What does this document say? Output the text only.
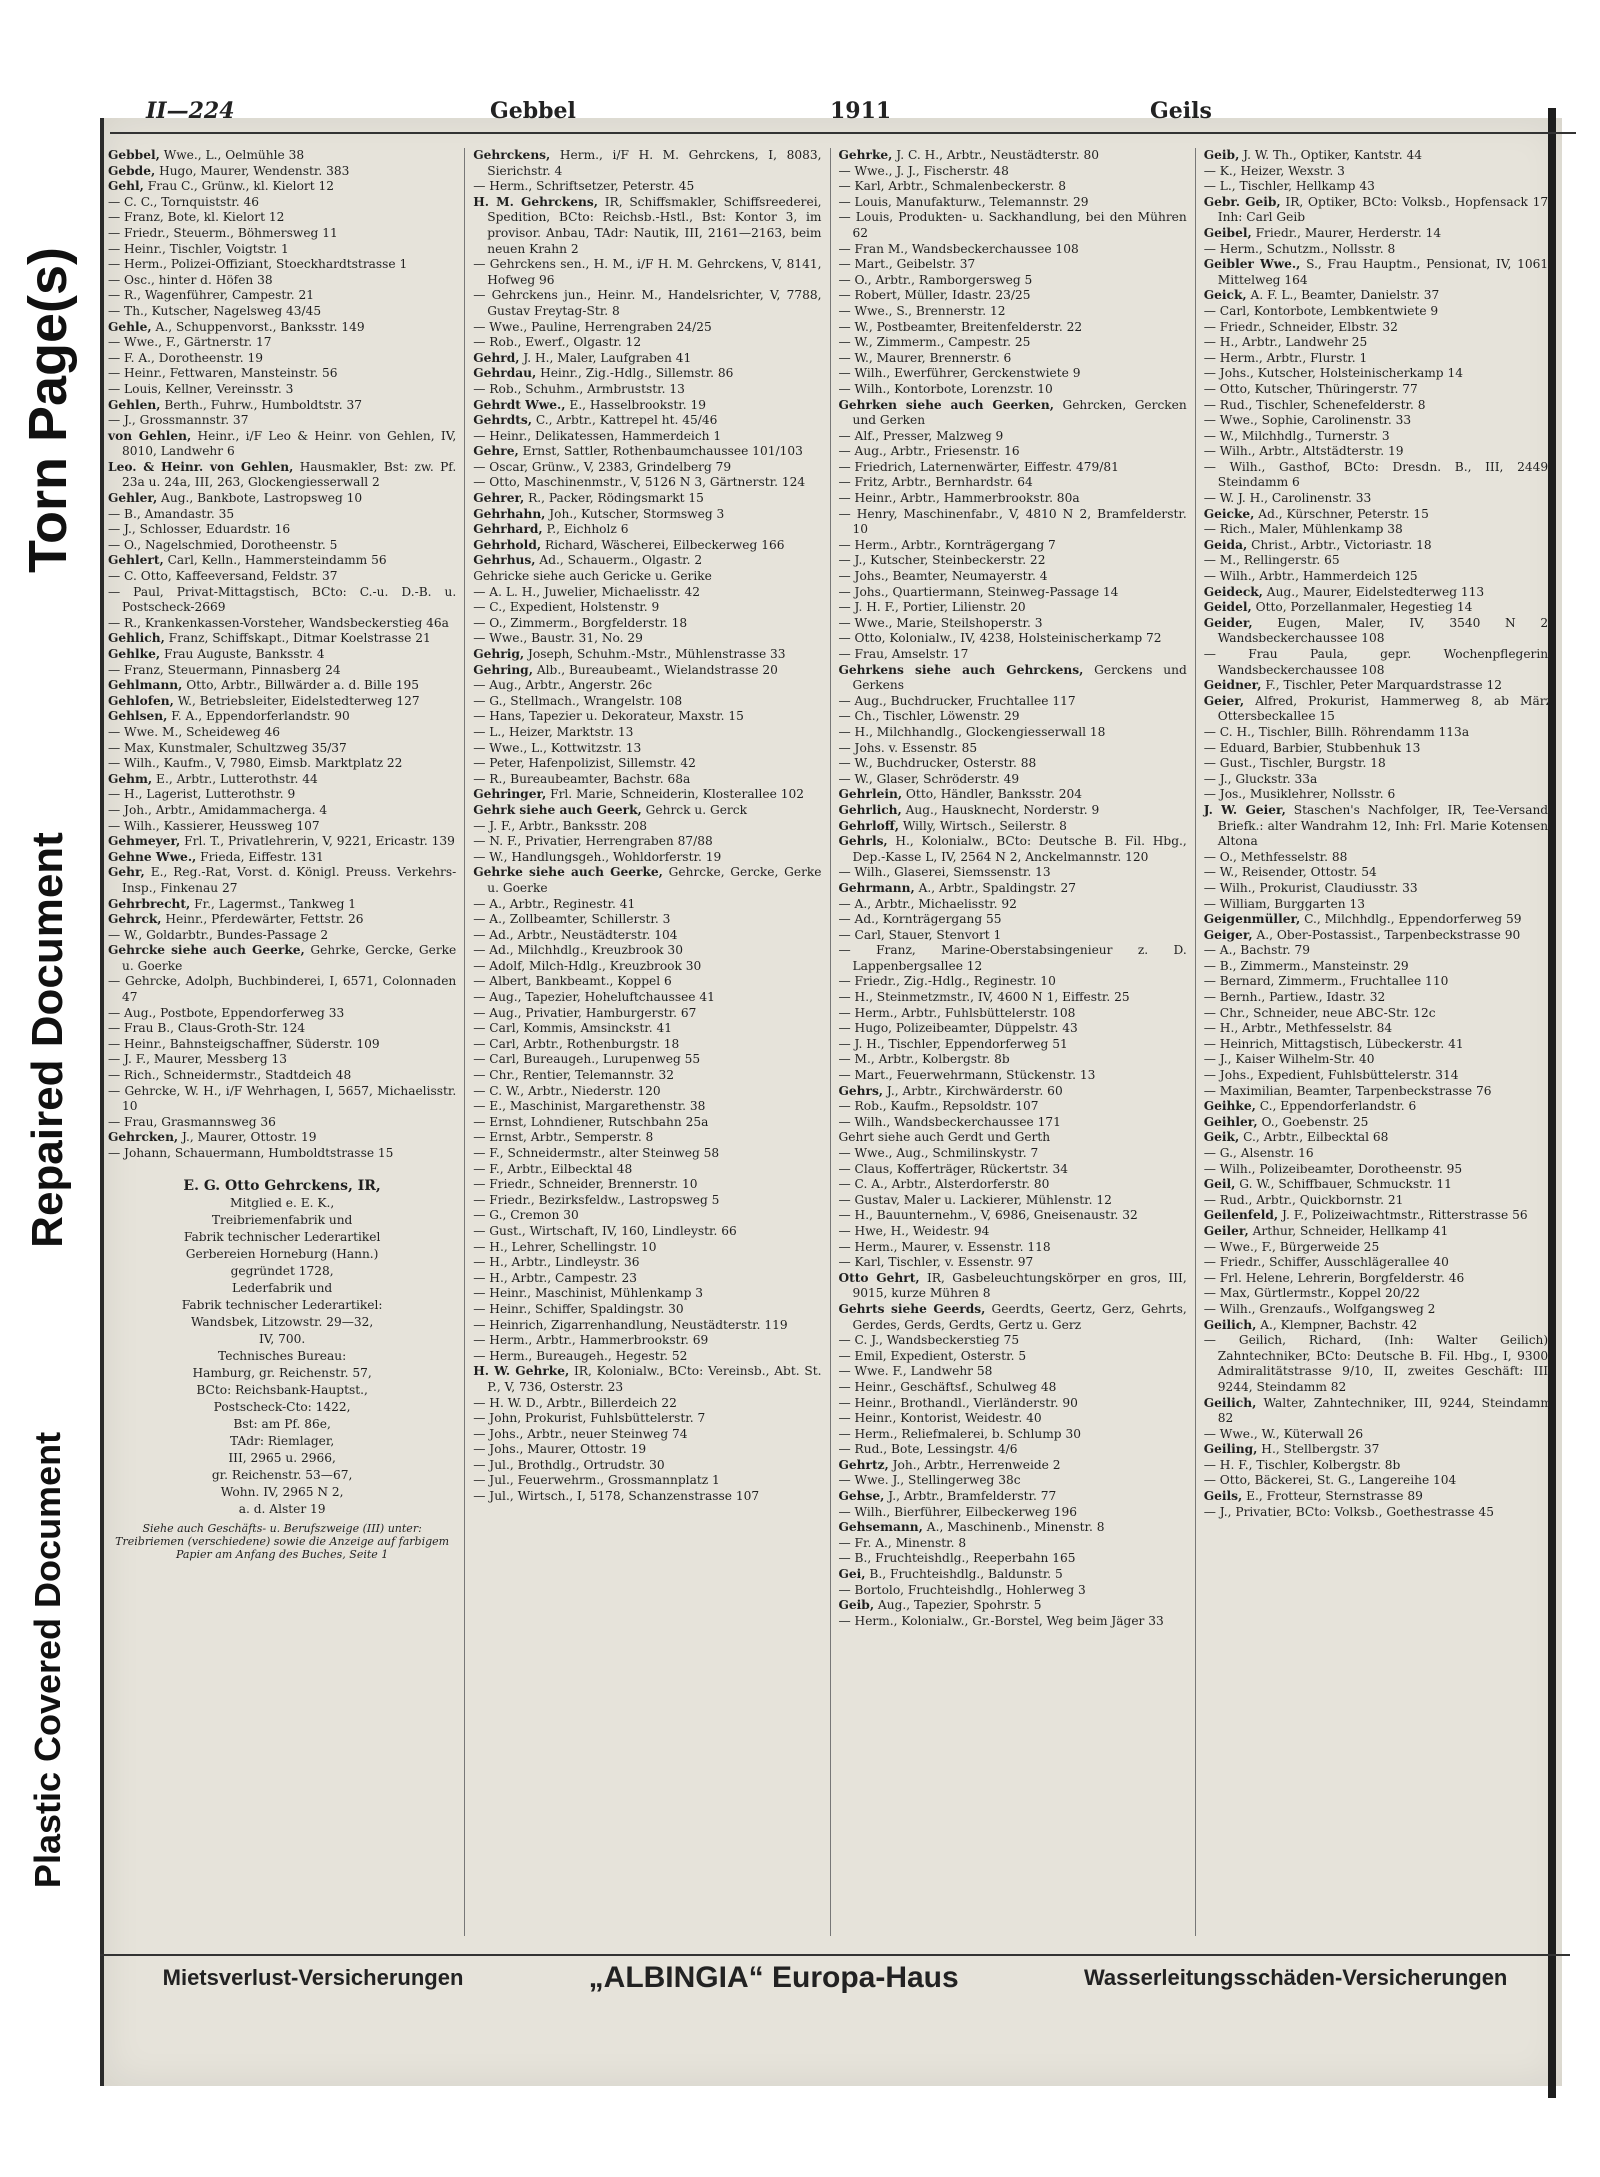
Torn Page(s)
Repaired Document
Plastic Covered Document
II—224	Gebbel	1911	Geils

Gebbel, Wwe., L., Oelmühle 38

Gebde, Hugo, Maurer, Wendenstr. 383

Gehl, Frau C., Grünw., kl. Kielort 12

— C. C., Tornquiststr. 46

— Franz, Bote, kl. Kielort 12

— Friedr., Steuerm., Böhmersweg 11

— Heinr., Tischler, Voigtstr. 1

— Herm., Polizei-Offiziant, Stoeckhardtstrasse 1

— Osc., hinter d. Höfen 38

— R., Wagenführer, Campestr. 21

— Th., Kutscher, Nagelsweg 43/45

Gehle, A., Schuppenvorst., Banksstr. 149

— Wwe., F., Gärtnerstr. 17

— F. A., Dorotheenstr. 19

— Heinr., Fettwaren, Mansteinstr. 56

— Louis, Kellner, Vereinsstr. 3

Gehlen, Berth., Fuhrw., Humboldtstr. 37

— J., Grossmannstr. 37

von Gehlen, Heinr., i/F Leo & Heinr. von Gehlen, IV, 8010, Landwehr 6

Leo. & Heinr. von Gehlen, Hausmakler, Bst: zw. Pf. 23a u. 24a, III, 263, Glockengiesserwall 2

Gehler, Aug., Bankbote, Lastropsweg 10

— B., Amandastr. 35

— J., Schlosser, Eduardstr. 16

— O., Nagelschmied, Dorotheenstr. 5

Gehlert, Carl, Kelln., Hammersteindamm 56

— C. Otto, Kaffeeversand, Feldstr. 37

— Paul, Privat-Mittagstisch, BCto: C.-u. D.-B. u. Postscheck-2669

— R., Krankenkassen-Vorsteher, Wandsbeckerstieg 46a

Gehlich, Franz, Schiffskapt., Ditmar Koelstrasse 21

Gehlke, Frau Auguste, Banksstr. 4

— Franz, Steuermann, Pinnasberg 24

Gehlmann, Otto, Arbtr., Billwärder a. d. Bille 195

Gehlofen, W., Betriebsleiter, Eidelstedterweg 127

Gehlsen, F. A., Eppendorferlandstr. 90

— Wwe. M., Scheideweg 46

— Max, Kunstmaler, Schultzweg 35/37

— Wilh., Kaufm., V, 7980, Eimsb. Marktplatz 22

Gehm, E., Arbtr., Lutterothstr. 44

— H., Lagerist, Lutterothstr. 9

— Joh., Arbtr., Amidammacherga. 4

— Wilh., Kassierer, Heussweg 107

Gehmeyer, Frl. T., Privatlehrerin, V, 9221, Ericastr. 139

Gehne Wwe., Frieda, Eiffestr. 131

Gehr, E., Reg.-Rat, Vorst. d. Königl. Preuss. Verkehrs-Insp., Finkenau 27

Gehrbrecht, Fr., Lagermst., Tankweg 1

Gehrck, Heinr., Pferdewärter, Fettstr. 26

— W., Goldarbtr., Bundes-Passage 2

Gehrcke siehe auch Geerke, Gehrke, Gercke, Gerke u. Goerke

— Gehrcke, Adolph, Buchbinderei, I, 6571, Colonnaden 47

— Aug., Postbote, Eppendorferweg 33

— Frau B., Claus-Groth-Str. 124

— Heinr., Bahnsteigschaffner, Süderstr. 109

— J. F., Maurer, Messberg 13

— Rich., Schneidermstr., Stadtdeich 48

— Gehrcke, W. H., i/F Wehrhagen, I, 5657, Michaelisstr. 10

— Frau, Grasmannsweg 36

Gehrcken, J., Maurer, Ottostr. 19

— Johann, Schauermann, Humboldtstrasse 15

E. G. Otto Gehrckens, IR,
Mitglied e. E. K.,
Treibriemenfabrik und
Fabrik technischer Lederartikel
Gerbereien Horneburg (Hann.)
gegründet 1728,
Lederfabrik und
Fabrik technischer Lederartikel:
Wandsbek, Litzowstr. 29—32,
IV, 700.
Technisches Bureau:
Hamburg, gr. Reichenstr. 57,
BCto: Reichsbank-Hauptst.,
Postscheck-Cto: 1422,
Bst: am Pf. 86e,
TAdr: Riemlager,
III, 2965 u. 2966,
gr. Reichenstr. 53—67,
Wohn. IV, 2965 N 2,
a. d. Alster 19
Siehe auch Geschäfts- u. Berufszweige (III) unter: Treibriemen (verschiedene) sowie die Anzeige auf farbigem Papier am Anfang des Buches, Seite 1

Gehrckens, Herm., i/F H. M. Gehrckens, I, 8083, Sierichstr. 4

— Herm., Schriftsetzer, Peterstr. 45

H. M. Gehrckens, IR, Schiffsmakler, Schiffsreederei, Spedition, BCto: Reichsb.-Hstl., Bst: Kontor 3, im provisor. Anbau, TAdr: Nautik, III, 2161—2163, beim neuen Krahn 2

— Gehrckens sen., H. M., i/F H. M. Gehrckens, V, 8141, Hofweg 96

— Gehrckens jun., Heinr. M., Handelsrichter, V, 7788, Gustav Freytag-Str. 8

— Wwe., Pauline, Herrengraben 24/25

— Rob., Ewerf., Olgastr. 12

Gehrd, J. H., Maler, Laufgraben 41

Gehrdau, Heinr., Zig.-Hdlg., Sillemstr. 86

— Rob., Schuhm., Armbruststr. 13

Gehrdt Wwe., E., Hasselbrookstr. 19

Gehrdts, C., Arbtr., Kattrepel ht. 45/46

— Heinr., Delikatessen, Hammerdeich 1

Gehre, Ernst, Sattler, Rothenbaumchaussee 101/103

— Oscar, Grünw., V, 2383, Grindelberg 79

— Otto, Maschinenmstr., V, 5126 N 3, Gärtnerstr. 124

Gehrer, R., Packer, Rödingsmarkt 15

Gehrhahn, Joh., Kutscher, Stormsweg 3

Gehrhard, P., Eichholz 6

Gehrhold, Richard, Wäscherei, Eilbeckerweg 166

Gehrhus, Ad., Schauerm., Olgastr. 2

Gehricke siehe auch Gericke u. Gerike

— A. L. H., Juwelier, Michaelisstr. 42

— C., Expedient, Holstenstr. 9

— O., Zimmerm., Borgfelderstr. 18

— Wwe., Baustr. 31, No. 29

Gehrig, Joseph, Schuhm.-Mstr., Mühlenstrasse 33

Gehring, Alb., Bureaubeamt., Wielandstrasse 20

— Aug., Arbtr., Angerstr. 26c

— G., Stellmach., Wrangelstr. 108

— Hans, Tapezier u. Dekorateur, Maxstr. 15

— L., Heizer, Marktstr. 13

— Wwe., L., Kottwitzstr. 13

— Peter, Hafenpolizist, Sillemstr. 42

— R., Bureaubeamter, Bachstr. 68a

Gehringer, Frl. Marie, Schneiderin, Klosterallee 102

Gehrk siehe auch Geerk, Gehrck u. Gerck

— J. F., Arbtr., Banksstr. 208

— N. F., Privatier, Herrengraben 87/88

— W., Handlungsgeh., Wohldorferstr. 19

Gehrke siehe auch Geerke, Gehrcke, Gercke, Gerke u. Goerke

— A., Arbtr., Reginestr. 41

— A., Zollbeamter, Schillerstr. 3

— Ad., Arbtr., Neustädterstr. 104

— Ad., Milchhdlg., Kreuzbrook 30

— Adolf, Milch-Hdlg., Kreuzbrook 30

— Albert, Bankbeamt., Koppel 6

— Aug., Tapezier, Hoheluftchaussee 41

— Aug., Privatier, Hamburgerstr. 67

— Carl, Kommis, Amsinckstr. 41

— Carl, Arbtr., Rothenburgstr. 18

— Carl, Bureaugeh., Lurupenweg 55

— Chr., Rentier, Telemannstr. 32

— C. W., Arbtr., Niederstr. 120

— E., Maschinist, Margarethenstr. 38

— Ernst, Lohndiener, Rutschbahn 25a

— Ernst, Arbtr., Semperstr. 8

— F., Schneidermstr., alter Steinweg 58

— F., Arbtr., Eilbecktal 48

— Friedr., Schneider, Brennerstr. 10

— Friedr., Bezirksfeldw., Lastropsweg 5

— G., Cremon 30

— Gust., Wirtschaft, IV, 160, Lindleystr. 66

— H., Lehrer, Schellingstr. 10

— H., Arbtr., Lindleystr. 36

— H., Arbtr., Campestr. 23

— Heinr., Maschinist, Mühlenkamp 3

— Heinr., Schiffer, Spaldingstr. 30

— Heinrich, Zigarrenhandlung, Neustädterstr. 119

— Herm., Arbtr., Hammerbrookstr. 69

— Herm., Bureaugeh., Hegestr. 52

H. W. Gehrke, IR, Kolonialw., BCto: Vereinsb., Abt. St. P., V, 736, Osterstr. 23

— H. W. D., Arbtr., Billerdeich 22

— John, Prokurist, Fuhlsbüttelerstr. 7

— Johs., Arbtr., neuer Steinweg 74

— Johs., Maurer, Ottostr. 19

— Jul., Brothdlg., Ortrudstr. 30

— Jul., Feuerwehrm., Grossmannplatz 1

— Jul., Wirtsch., I, 5178, Schanzenstrasse 107

Gehrke, J. C. H., Arbtr., Neustädterstr. 80

— Wwe., J. J., Fischerstr. 48

— Karl, Arbtr., Schmalenbeckerstr. 8

— Louis, Manufakturw., Telemannstr. 29

— Louis, Produkten- u. Sackhandlung, bei den Mühren 62

— Fran M., Wandsbeckerchaussee 108

— Mart., Geibelstr. 37

— O., Arbtr., Ramborgersweg 5

— Robert, Müller, Idastr. 23/25

— Wwe., S., Brennerstr. 12

— W., Postbeamter, Breitenfelderstr. 22

— W., Zimmerm., Campestr. 25

— W., Maurer, Brennerstr. 6

— Wilh., Ewerführer, Gerckenstwiete 9

— Wilh., Kontorbote, Lorenzstr. 10

Gehrken siehe auch Geerken, Gehrcken, Gercken und Gerken

— Alf., Presser, Malzweg 9

— Aug., Arbtr., Friesenstr. 16

— Friedrich, Laternenwärter, Eiffestr. 479/81

— Fritz, Arbtr., Bernhardstr. 64

— Heinr., Arbtr., Hammerbrookstr. 80a

— Henry, Maschinenfabr., V, 4810 N 2, Bramfelderstr. 10

— Herm., Arbtr., Kornträgergang 7

— J., Kutscher, Steinbeckerstr. 22

— Johs., Beamter, Neumayerstr. 4

— Johs., Quartiermann, Steinweg-Passage 14

— J. H. F., Portier, Lilienstr. 20

— Wwe., Marie, Steilshoperstr. 3

— Otto, Kolonialw., IV, 4238, Holsteinischerkamp 72

— Frau, Amselstr. 17

Gehrkens siehe auch Gehrckens, Gerckens und Gerkens

— Aug., Buchdrucker, Fruchtallee 117

— Ch., Tischler, Löwenstr. 29

— H., Milchhandlg., Glockengiesserwall 18

— Johs. v. Essenstr. 85

— W., Buchdrucker, Osterstr. 88

— W., Glaser, Schröderstr. 49

Gehrlein, Otto, Händler, Banksstr. 204

Gehrlich, Aug., Hausknecht, Norderstr. 9

Gehrloff, Willy, Wirtsch., Seilerstr. 8

Gehrls, H., Kolonialw., BCto: Deutsche B. Fil. Hbg., Dep.-Kasse L, IV, 2564 N 2, Anckelmannstr. 120

— Wilh., Glaserei, Siemssenstr. 13

Gehrmann, A., Arbtr., Spaldingstr. 27

— A., Arbtr., Michaelisstr. 92

— Ad., Kornträgergang 55

— Carl, Stauer, Stenvort 1

— Franz, Marine-Oberstabsingenieur z. D. Lappenbergsallee 12

— Friedr., Zig.-Hdlg., Reginestr. 10

— H., Steinmetzmstr., IV, 4600 N 1, Eiffestr. 25

— Herm., Arbtr., Fuhlsbüttelerstr. 108

— Hugo, Polizeibeamter, Düppelstr. 43

— J. H., Tischler, Eppendorferweg 51

— M., Arbtr., Kolbergstr. 8b

— Mart., Feuerwehrmann, Stückenstr. 13

Gehrs, J., Arbtr., Kirchwärderstr. 60

— Rob., Kaufm., Repsoldstr. 107

— Wilh., Wandsbeckerchaussee 171

Gehrt siehe auch Gerdt und Gerth

— Wwe., Aug., Schmilinskystr. 7

— Claus, Kofferträger, Rückertstr. 34

— C. A., Arbtr., Alsterdorferstr. 80

— Gustav, Maler u. Lackierer, Mühlenstr. 12

— H., Bauunternehm., V, 6986, Gneisenaustr. 32

— Hwe, H., Weidestr. 94

— Herm., Maurer, v. Essenstr. 118

— Karl, Tischler, v. Essenstr. 97

Otto Gehrt, IR, Gasbeleuchtungskörper en gros, III, 9015, kurze Mühren 8

Gehrts siehe Geerds, Geerdts, Geertz, Gerz, Gehrts, Gerdes, Gerds, Gerdts, Gertz u. Gerz

— C. J., Wandsbeckerstieg 75

— Emil, Expedient, Osterstr. 5

— Wwe. F., Landwehr 58

— Heinr., Geschäftsf., Schulweg 48

— Heinr., Brothandl., Vierländerstr. 90

— Heinr., Kontorist, Weidestr. 40

— Herm., Reliefmalerei, b. Schlump 30

— Rud., Bote, Lessingstr. 4/6

Gehrtz, Joh., Arbtr., Herrenweide 2

— Wwe. J., Stellingerweg 38c

Gehse, J., Arbtr., Bramfelderstr. 77

— Wilh., Bierführer, Eilbeckerweg 196

Gehsemann, A., Maschinenb., Minenstr. 8

— Fr. A., Minenstr. 8

— B., Fruchteishdlg., Reeperbahn 165

Gei, B., Fruchteishdlg., Baldunstr. 5

— Bortolo, Fruchteishdlg., Hohlerweg 3

Geib, Aug., Tapezier, Spohrstr. 5

— Herm., Kolonialw., Gr.-Borstel, Weg beim Jäger 33

Geib, J. W. Th., Optiker, Kantstr. 44

— K., Heizer, Wexstr. 3

— L., Tischler, Hellkamp 43

Gebr. Geib, IR, Optiker, BCto: Volksb., Hopfensack 17, Inh: Carl Geib

Geibel, Friedr., Maurer, Herderstr. 14

— Herm., Schutzm., Nollsstr. 8

Geibler Wwe., S., Frau Hauptm., Pensionat, IV, 1061, Mittelweg 164

Geick, A. F. L., Beamter, Danielstr. 37

— Carl, Kontorbote, Lembkentwiete 9

— Friedr., Schneider, Elbstr. 32

— H., Arbtr., Landwehr 25

— Herm., Arbtr., Flurstr. 1

— Johs., Kutscher, Holsteinischerkamp 14

— Otto, Kutscher, Thüringerstr. 77

— Rud., Tischler, Schenefelderstr. 8

— Wwe., Sophie, Carolinenstr. 33

— W., Milchhdlg., Turnerstr. 3

— Wilh., Arbtr., Altstädterstr. 19

— Wilh., Gasthof, BCto: Dresdn. B., III, 2449, Steindamm 6

— W. J. H., Carolinenstr. 33

Geicke, Ad., Kürschner, Peterstr. 15

— Rich., Maler, Mühlenkamp 38

Geida, Christ., Arbtr., Victoriastr. 18

— M., Rellingerstr. 65

— Wilh., Arbtr., Hammerdeich 125

Geideck, Aug., Maurer, Eidelstedterweg 113

Geidel, Otto, Porzellanmaler, Hegestieg 14

Geider, Eugen, Maler, IV, 3540 N 2, Wandsbeckerchaussee 108

— Frau Paula, gepr. Wochenpflegerin, Wandsbeckerchaussee 108

Geidner, F., Tischler, Peter Marquardstrasse 12

Geier, Alfred, Prokurist, Hammerweg 8, ab März Ottersbeckallee 15

— C. H., Tischler, Billh. Röhrendamm 113a

— Eduard, Barbier, Stubbenhuk 13

— Gust., Tischler, Burgstr. 18

— J., Gluckstr. 33a

— Jos., Musiklehrer, Nollsstr. 6

J. W. Geier, Staschen's Nachfolger, IR, Tee-Versand, Briefk.: alter Wandrahm 12, Inh: Frl. Marie Kotensen, Altona

— O., Methfesselstr. 88

— W., Reisender, Ottostr. 54

— Wilh., Prokurist, Claudiusstr. 33

— William, Burggarten 13

Geigenmüller, C., Milchhdlg., Eppendorferweg 59

Geiger, A., Ober-Postassist., Tarpenbeckstrasse 90

— A., Bachstr. 79

— B., Zimmerm., Mansteinstr. 29

— Bernard, Zimmerm., Fruchtallee 110

— Bernh., Partiew., Idastr. 32

— Chr., Schneider, neue ABC-Str. 12c

— H., Arbtr., Methfesselstr. 84

— Heinrich, Mittagstisch, Lübeckerstr. 41

— J., Kaiser Wilhelm-Str. 40

— Johs., Expedient, Fuhlsbüttelerstr. 314

— Maximilian, Beamter, Tarpenbeckstrasse 76

Geihke, C., Eppendorferlandstr. 6

Geihler, O., Goebenstr. 25

Geik, C., Arbtr., Eilbecktal 68

— G., Alsenstr. 16

— Wilh., Polizeibeamter, Dorotheenstr. 95

Geil, G. W., Schiffbauer, Schmuckstr. 11

— Rud., Arbtr., Quickbornstr. 21

Geilenfeld, J. F., Polizeiwachtmstr., Ritterstrasse 56

Geiler, Arthur, Schneider, Hellkamp 41

— Wwe., F., Bürgerweide 25

— Friedr., Schiffer, Ausschlägerallee 40

— Frl. Helene, Lehrerin, Borgfelderstr. 46

— Max, Gürtlermstr., Koppel 20/22

— Wilh., Grenzaufs., Wolfgangsweg 2

Geilich, A., Klempner, Bachstr. 42

— Geilich, Richard, (Inh: Walter Geilich), Zahntechniker, BCto: Deutsche B. Fil. Hbg., I, 9300, Admiralitätstrasse 9/10, II, zweites Geschäft: III, 9244, Steindamm 82

Geilich, Walter, Zahntechniker, III, 9244, Steindamm 82

— Wwe., W., Küterwall 26

Geiling, H., Stellbergstr. 37

— H. F., Tischler, Kolbergstr. 8b

— Otto, Bäckerei, St. G., Langereihe 104

Geils, E., Frotteur, Sternstrasse 89

— J., Privatier, BCto: Volksb., Goethestrasse 45

Mietsverlust-Versicherungen	„ALBINGIA“ Europa-Haus	Wasserleitungsschäden-Versicherungen
